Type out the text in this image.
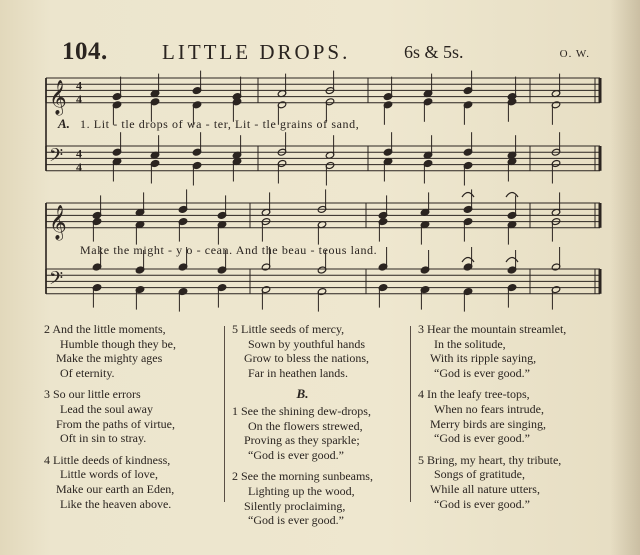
104.	LITTLE DROPS.	6s & 5s.	O. W.
𝄞 4
4
𝄢 4
4
𝄞
𝄢
A. 1. Lit - tle drops of wa - ter, Lit - tle grains of sand,
Make the might - y o - cean. And the beau - teous land.
2 And the little moments,
Humble though they be,
Make the mighty ages
Of eternity.
3 So our little errors
Lead the soul away
From the paths of virtue,
Oft in sin to stray.
4 Little deeds of kindness,
Little words of love,
Make our earth an Eden,
Like the heaven above.
5 Little seeds of mercy,
Sown by youthful hands
Grow to bless the nations,
Far in heathen lands.
B.
1 See the shining dew-drops,
On the flowers strewed,
Proving as they sparkle;
“God is ever good.”
2 See the morning sunbeams,
Lighting up the wood,
Silently proclaiming,
“God is ever good.”
3 Hear the mountain streamlet,
In the solitude,
With its ripple saying,
“God is ever good.”
4 In the leafy tree-tops,
When no fears intrude,
Merry birds are singing,
“God is ever good.”
5 Bring, my heart, thy tribute,
Songs of gratitude,
While all nature utters,
“God is ever good.”
